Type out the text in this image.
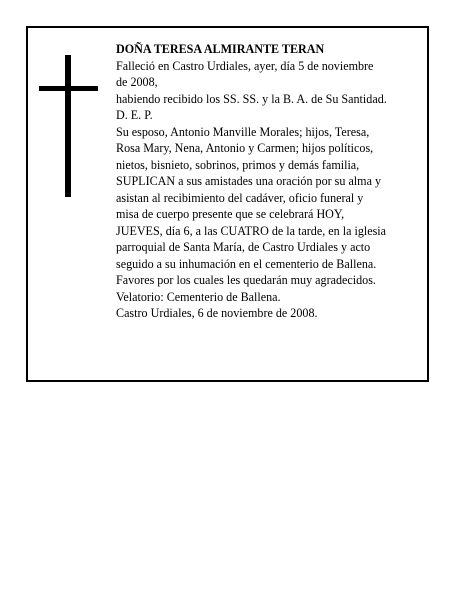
DOÑA TERESA ALMIRANTE TERAN
Falleció en Castro Urdiales, ayer, día 5 de noviembre
de 2008,
habiendo recibido los SS. SS. y la B. A. de Su Santidad.
D. E. P.
Su esposo, Antonio Manville Morales; hijos, Teresa,
Rosa Mary, Nena, Antonio y Carmen; hijos políticos,
nietos, bisnieto, sobrinos, primos y demás familia,
SUPLICAN a sus amistades una oración por su alma y
asistan al recibimiento del cadáver, oficio funeral y
misa de cuerpo presente que se celebrará HOY,
JUEVES, día 6, a las CUATRO de la tarde, en la iglesia
parroquial de Santa María, de Castro Urdiales y acto
seguido a su inhumación en el cementerio de Ballena.
Favores por los cuales les quedarán muy agradecidos.
Velatorio: Cementerio de Ballena.
Castro Urdiales, 6 de noviembre de 2008.
